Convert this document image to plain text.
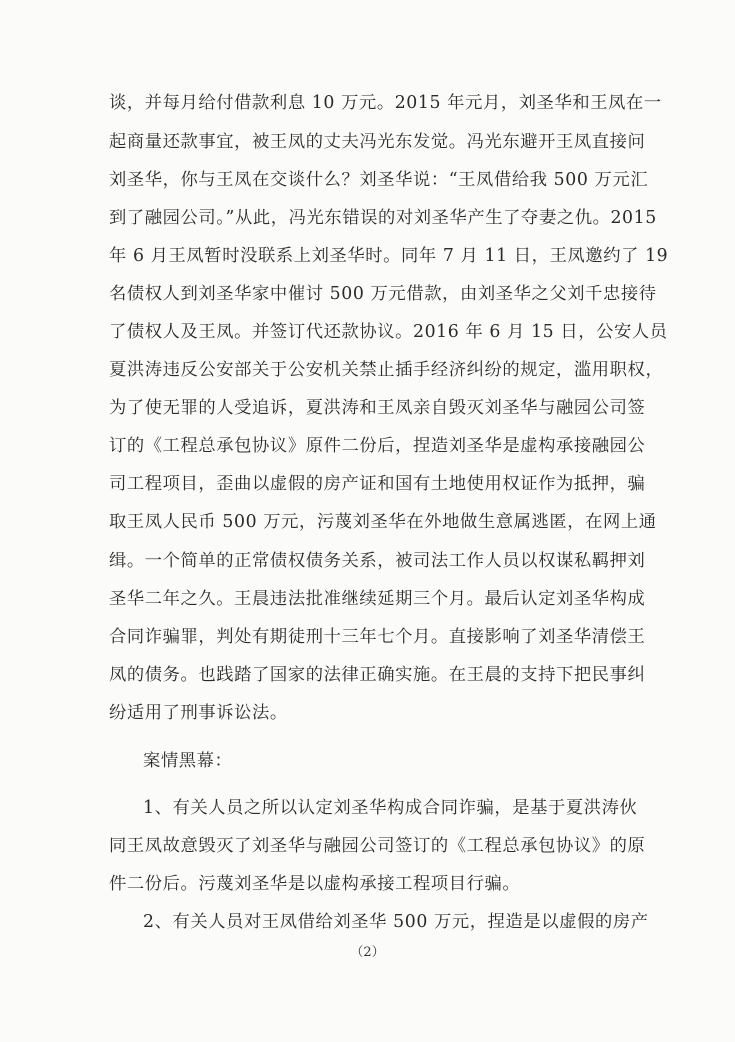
谈，并每月给付借款利息 10 万元。2015 年元月，刘圣华和王凤在一
起商量还款事宜，被王凤的丈夫冯光东发觉。冯光东避开王凤直接问
刘圣华，你与王凤在交谈什么？刘圣华说：“王凤借给我 500 万元汇
到了融园公司。”从此，冯光东错误的对刘圣华产生了夺妻之仇。2015
年 6 月王凤暂时没联系上刘圣华时。同年 7 月 11 日，王凤邀约了 19
名债权人到刘圣华家中催讨 500 万元借款，由刘圣华之父刘千忠接待
了债权人及王凤。并签订代还款协议。2016 年 6 月 15 日，公安人员
夏洪涛违反公安部关于公安机关禁止插手经济纠纷的规定，滥用职权，
为了使无罪的人受追诉，夏洪涛和王凤亲自毁灭刘圣华与融园公司签
订的《工程总承包协议》原件二份后，捏造刘圣华是虚构承接融园公
司工程项目，歪曲以虚假的房产证和国有土地使用权证作为抵押，骗
取王凤人民币 500 万元，污蔑刘圣华在外地做生意属逃匿，在网上通
缉。一个简单的正常债权债务关系，被司法工作人员以权谋私羁押刘
圣华二年之久。王晨违法批准继续延期三个月。最后认定刘圣华构成
合同诈骗罪，判处有期徒刑十三年七个月。直接影响了刘圣华清偿王
凤的债务。也践踏了国家的法律正确实施。在王晨的支持下把民事纠
纷适用了刑事诉讼法。
案情黑幕：
1、有关人员之所以认定刘圣华构成合同诈骗，是基于夏洪涛伙
同王凤故意毁灭了刘圣华与融园公司签订的《工程总承包协议》的原
件二份后。污蔑刘圣华是以虚构承接工程项目行骗。
2、有关人员对王凤借给刘圣华 500 万元，捏造是以虚假的房产
（2）
